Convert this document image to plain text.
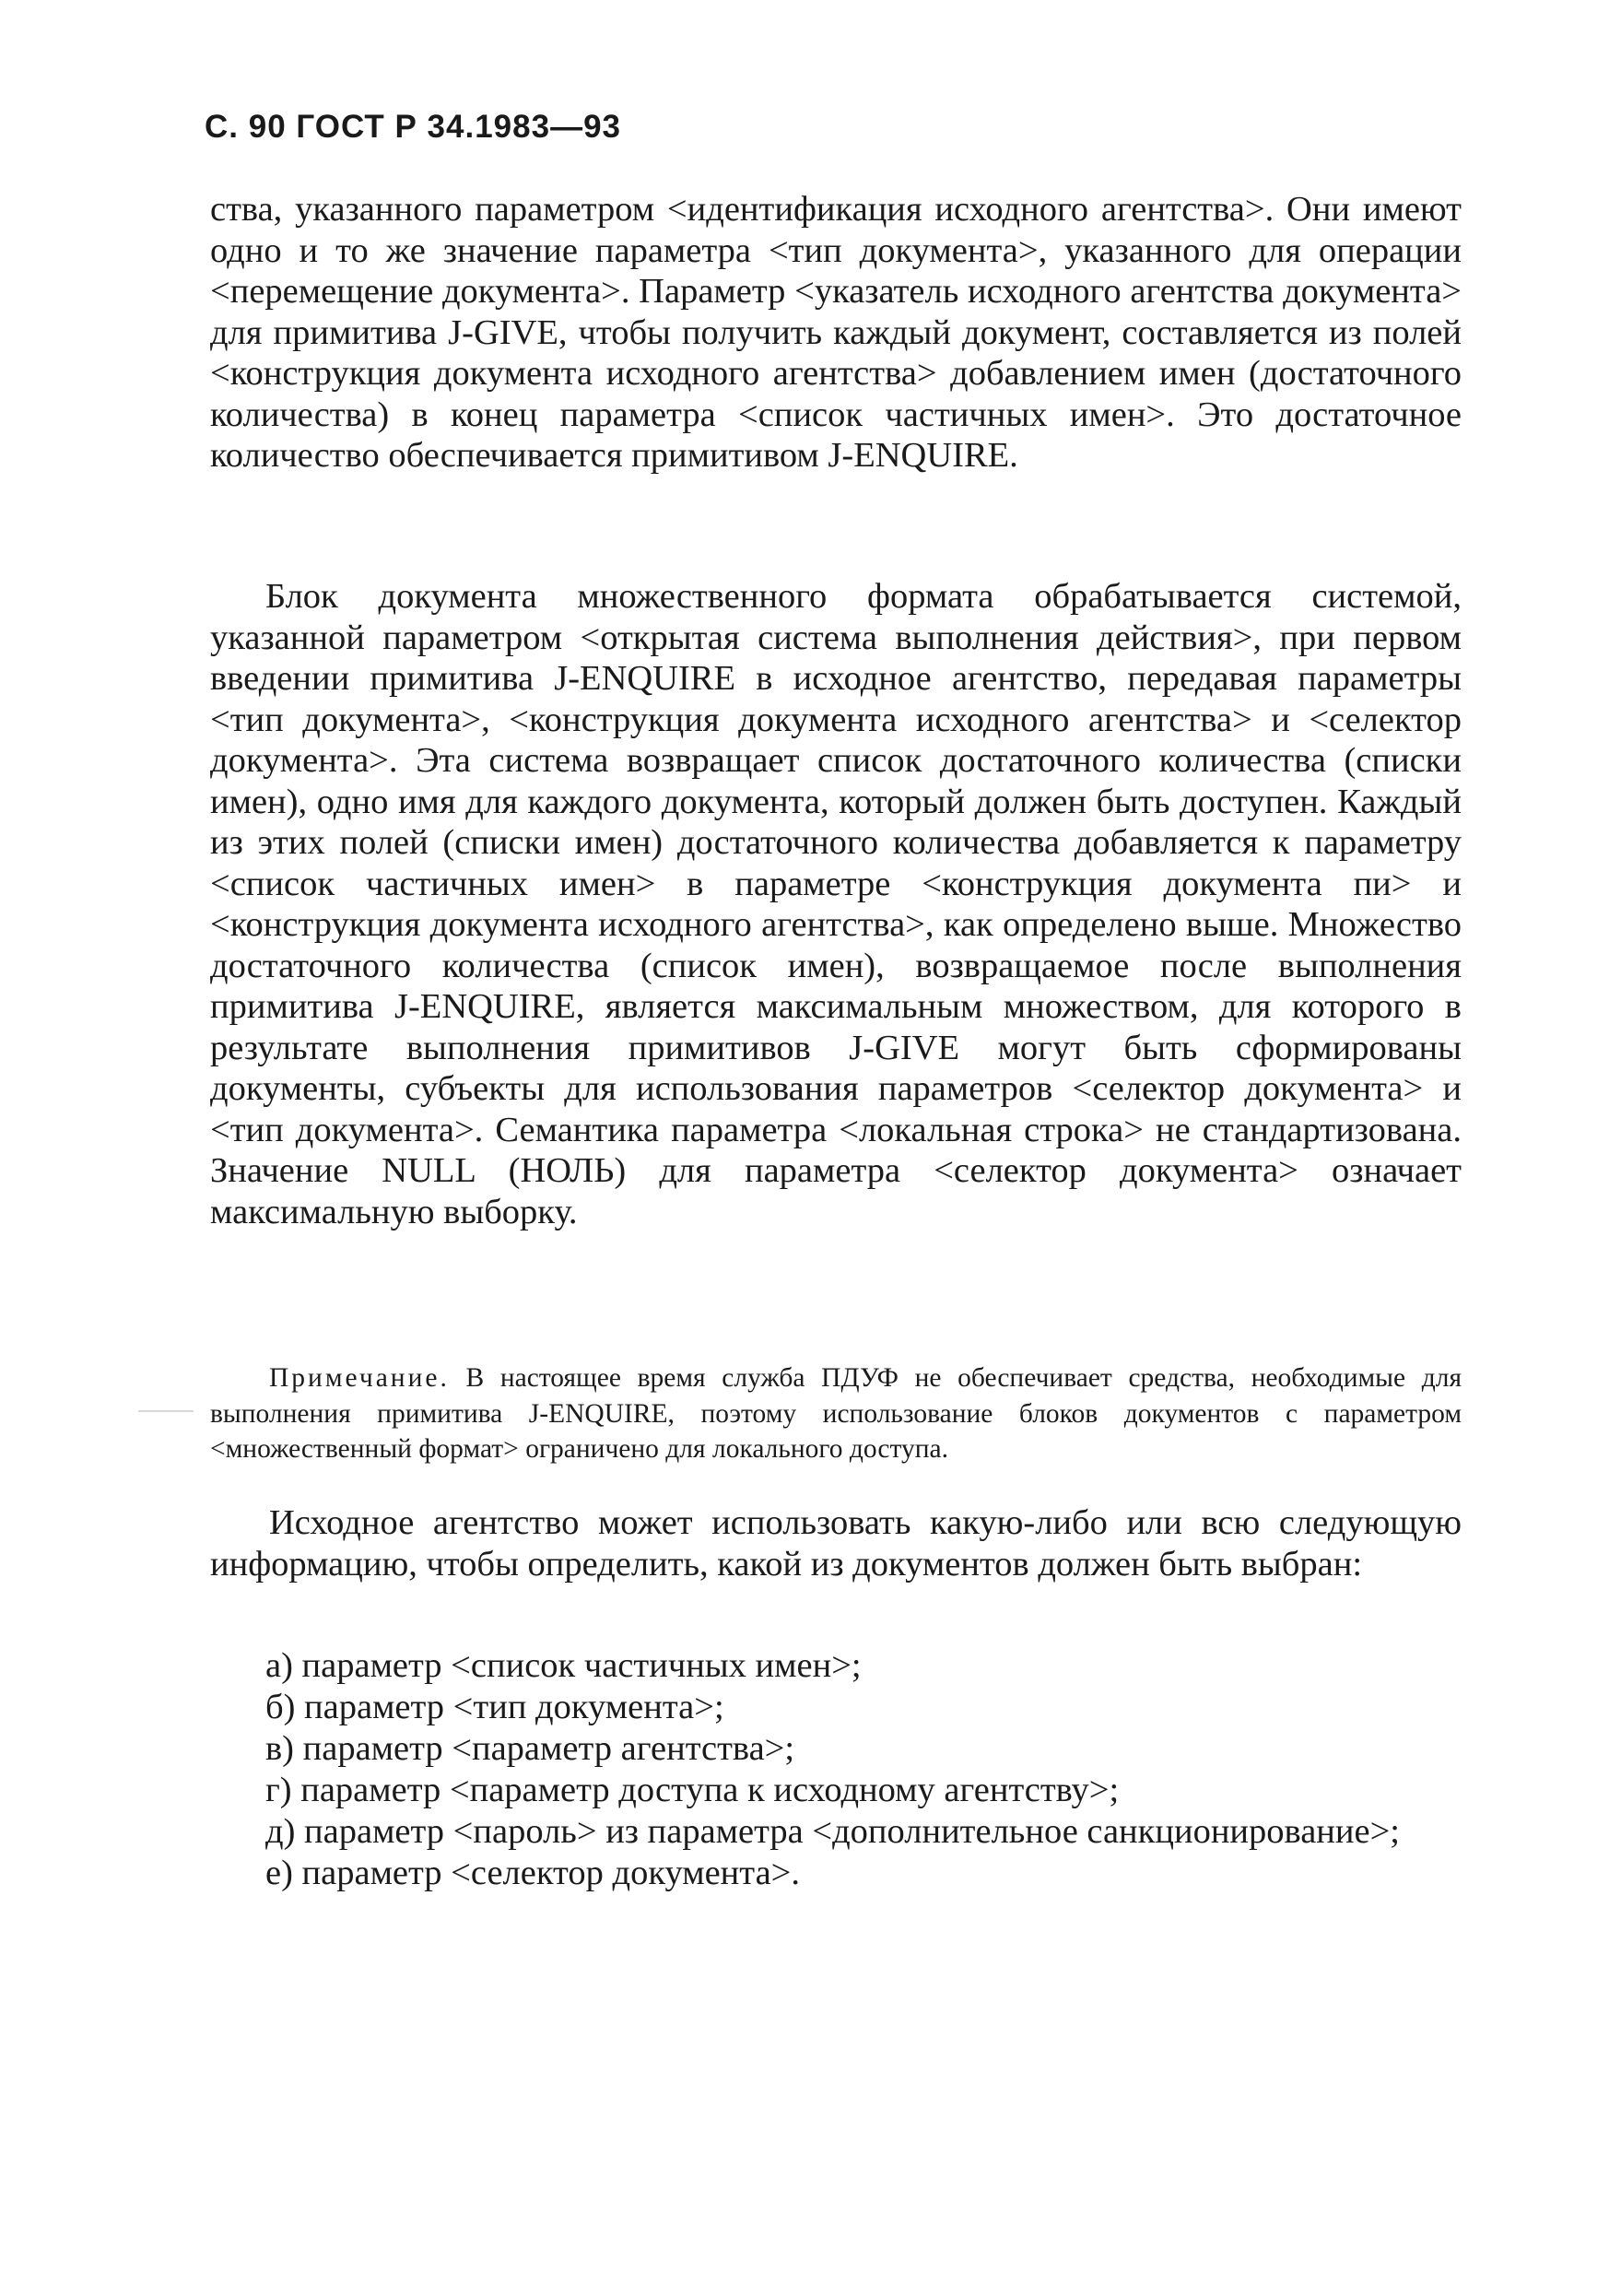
С. 90 ГОСТ Р 34.1983—93
ства, указанного параметром <идентификация исходного агентства>. Они имеют одно и то же значение параметра <тип документа>, указанного для операции <перемещение документа>. Параметр <указатель исходного агентства документа> для примитива J-GIVE, чтобы получить каждый документ, составляется из полей <конструкция документа исходного агентства> добавлением имен (достаточного количества) в конец параметра <список частичных имен>. Это достаточное количество обеспечивается примитивом J-ENQUIRE.
Блок документа множественного формата обрабатывается системой, указанной параметром <открытая система выполнения действия>, при первом введении примитива J-ENQUIRE в исходное агентство, передавая параметры <тип документа>, <конструкция документа исходного агентства> и <селектор документа>. Эта система возвращает список достаточного количества (списки имен), одно имя для каждого документа, который должен быть доступен. Каждый из этих полей (списки имен) достаточного количества добавляется к параметру <список частичных имен> в параметре <конструкция документа пи> и <конструкция документа исходного агентства>, как определено выше. Множество достаточного количества (список имен), возвращаемое после выполнения примитива J-ENQUIRE, является максимальным множеством, для которого в результате выполнения примитивов J-GIVE могут быть сформированы документы, субъекты для использования параметров <селектор документа> и <тип документа>. Семантика параметра <локальная строка> не стандартизована. Значение NULL (НОЛЬ) для параметра <селектор документа> означает максимальную выборку.
Примечание. В настоящее время служба ПДУФ не обеспечивает средства, необходимые для выполнения примитива J-ENQUIRE, поэтому использование блоков документов с параметром <множественный формат> ограничено для локального доступа.
Исходное агентство может использовать какую-либо или всю следующую информацию, чтобы определить, какой из документов должен быть выбран:
а) параметр <список частичных имен>;
б) параметр <тип документа>;
в) параметр <параметр агентства>;
г) параметр <параметр доступа к исходному агентству>;
д) параметр <пароль> из параметра <дополнительное санкционирование>;
е) параметр <селектор документа>.
